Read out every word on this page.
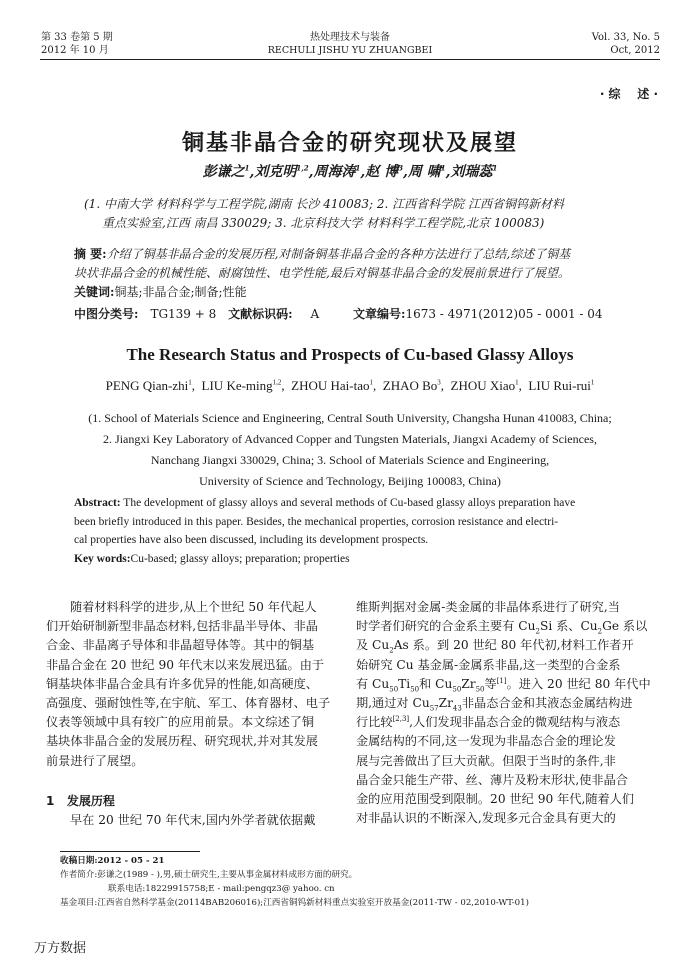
第 33 卷第 5 期
2012 年 10 月
热处理技术与装备
RECHULI JISHU YU ZHUANGBEI
Vol. 33, No. 5
Oct, 2012
· 综    述 ·
铜基非晶合金的研究现状及展望
彭谦之$^1$,刘克明$^{1,2}$,周海涛$^1$,赵 博$^3$,周 啸$^1$,刘瑞蕊$^1$
(1. 中南大学 材料科学与工程学院,湖南 长沙 410083; 2. 江西省科学院 江西省铜钨新材料
重点实验室,江西 南昌 330029; 3. 北京科技大学 材料科学工程学院,北京 100083)
摘 要:介绍了铜基非晶合金的发展历程,对制备铜基非晶合金的各种方法进行了总结,综述了铜基
块状非晶合金的机械性能、耐腐蚀性、电学性能,最后对铜基非晶合金的发展前景进行了展望。
关键词:铜基;非晶合金;制备;性能
中图分类号: TG139 + 8 文献标识码: A	文章编号:1673 - 4971(2012)05 - 0001 - 04
The Research Status and Prospects of Cu-based Glassy Alloys
PENG Qian-zhi$^1$,  LIU Ke-ming$^{1,2}$,  ZHOU Hai-tao$^1$,  ZHAO Bo$^3$,  ZHOU Xiao$^1$,  LIU Rui-rui$^1$
(1. School of Materials Science and Engineering, Central South University, Changsha Hunan 410083, China;
2. Jiangxi Key Laboratory of Advanced Copper and Tungsten Materials, Jiangxi Academy of Sciences,
Nanchang Jiangxi 330029, China; 3. School of Materials Science and Engineering,
University of Science and Technology, Beijing 100083, China)
Abstract: The development of glassy alloys and several methods of Cu-based glassy alloys preparation have
been briefly introduced in this paper. Besides, the mechanical properties, corrosion resistance and electri-
cal properties have also been discussed, including its development prospects.
Key words:Cu-based; glassy alloys; preparation; properties
随着材料科学的进步,从上个世纪 50 年代起人
们开始研制新型非晶态材料,包括非晶半导体、非晶
合金、非晶离子导体和非晶超导体等。其中的铜基
非晶合金在 20 世纪 90 年代末以来发展迅猛。由于
铜基块体非晶合金具有许多优异的性能,如高硬度、
高强度、强耐蚀性等,在宇航、军工、体育器材、电子
仪表等领域中具有较广的应用前景。本文综述了铜
基块体非晶合金的发展历程、研究现状,并对其发展
前景进行了展望。
1 发展历程
早在 20 世纪 70 年代末,国内外学者就依据戴
维斯判据对金属-类金属的非晶体系进行了研究,当
时学者们研究的合金系主要有 $Cu_2Si$ 系、$Cu_2Ge$ 系以
及 $Cu_2As$ 系。到 20 世纪 80 年代初,材料工作者开
始研究 Cu 基金属-金属系非晶,这一类型的合金系
有 $Cu_{50}Ti_{50}$和 $Cu_{50}Zr_{50}$等[1]。进入 20 世纪 80 年代中
期,通过对 $Cu_{57}Zr_{43}$非晶态合金和其液态金属结构进
行比较[2,3],人们发现非晶态合金的微观结构与液态
金属结构的不同,这一发现为非晶态合金的理论发
展与完善做出了巨大贡献。但限于当时的条件,非
晶合金只能生产带、丝、薄片及粉末形状,使非晶合
金的应用范围受到限制。20 世纪 90 年代,随着人们
对非晶认识的不断深入,发现多元合金具有更大的
收稿日期:2012 - 05 - 21
作者简介:彭谦之(1989 - ),男,硕士研究生,主要从事金属材料成形方面的研究。
联系电话:18229915758;E - mail:pengqz3@ yahoo. cn
基金项目:江西省自然科学基金(20114BAB206016);江西省铜钨新材料重点实验室开放基金(2011-TW - 02,2010-WT-01)
万方数据
